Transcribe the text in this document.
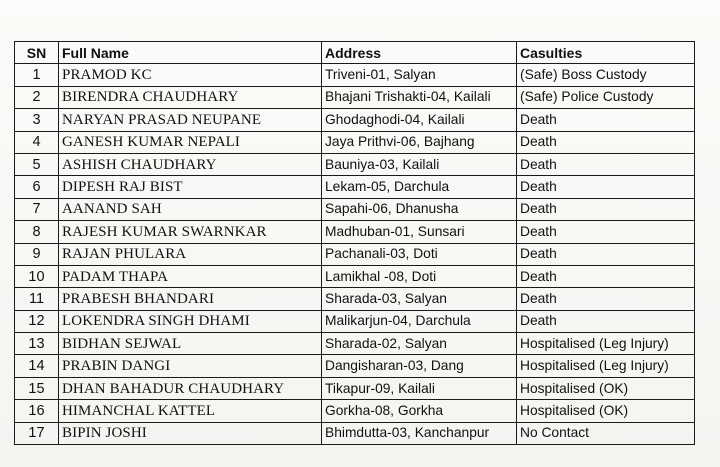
SN	Full Name	Address	Casulties
1	PRAMOD KC	Triveni-01, Salyan	(Safe) Boss Custody
2	BIRENDRA CHAUDHARY	Bhajani Trishakti-04, Kailali	(Safe) Police Custody
3	NARYAN PRASAD NEUPANE	Ghodaghodi-04, Kailali	Death
4	GANESH KUMAR NEPALI	Jaya Prithvi-06, Bajhang	Death
5	ASHISH CHAUDHARY	Bauniya-03, Kailali	Death
6	DIPESH RAJ BIST	Lekam-05, Darchula	Death
7	AANAND SAH	Sapahi-06, Dhanusha	Death
8	RAJESH KUMAR SWARNKAR	Madhuban-01, Sunsari	Death
9	RAJAN PHULARA	Pachanali-03, Doti	Death
10	PADAM THAPA	Lamikhal -08, Doti	Death
11	PRABESH BHANDARI	Sharada-03, Salyan	Death
12	LOKENDRA SINGH DHAMI	Malikarjun-04, Darchula	Death
13	BIDHAN SEJWAL	Sharada-02, Salyan	Hospitalised (Leg Injury)
14	PRABIN DANGI	Dangisharan-03, Dang	Hospitalised (Leg Injury)
15	DHAN BAHADUR CHAUDHARY	Tikapur-09, Kailali	Hospitalised (OK)
16	HIMANCHAL KATTEL	Gorkha-08, Gorkha	Hospitalised (OK)
17	BIPIN JOSHI	Bhimdutta-03, Kanchanpur	No Contact
